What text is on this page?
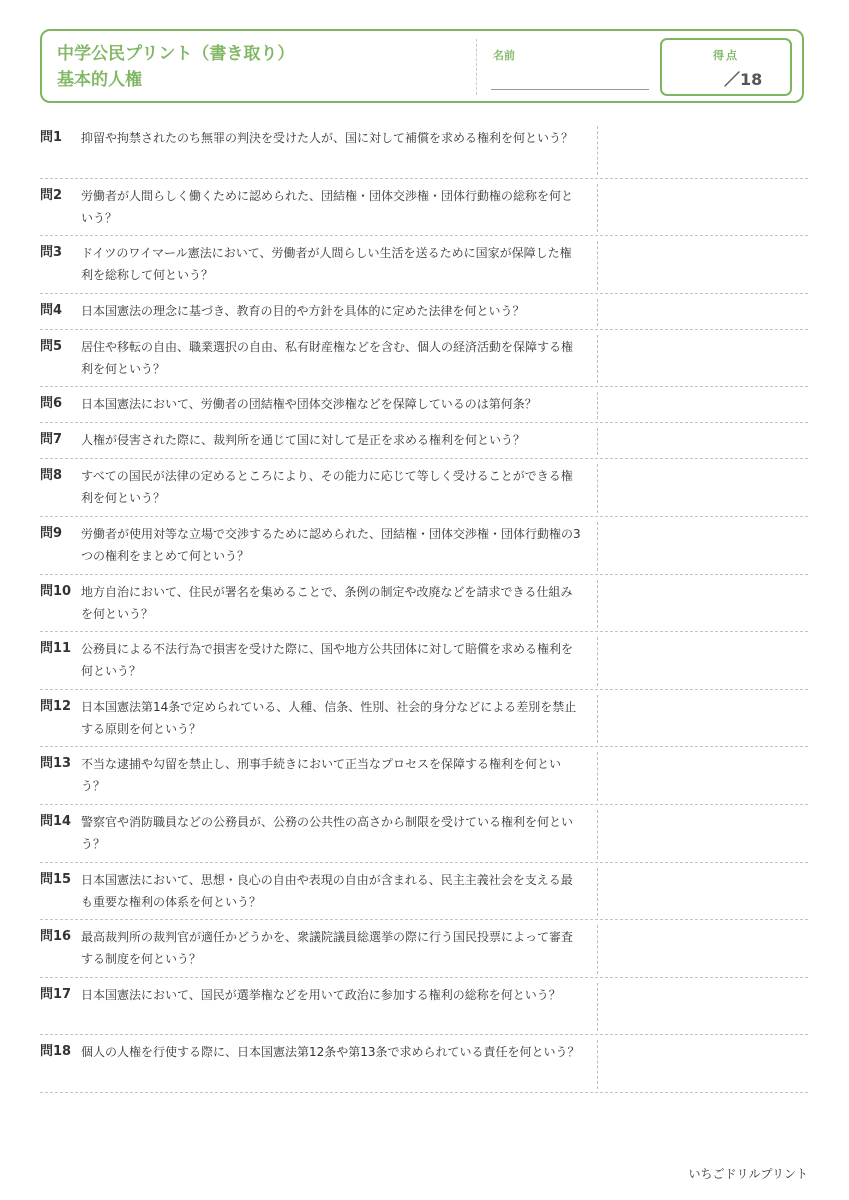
中学公民プリント（書き取り）
基本的人権
名前	得点
／18
問1 抑留や拘禁されたのち無罪の判決を受けた人が、国に対して補償を求める権利を何という？
問2 労働者が人間らしく働くために認められた、団結権・団体交渉権・団体行動権の総称を何という？
問3 ドイツのワイマール憲法において、労働者が人間らしい生活を送るために国家が保障した権利を総称して何という？
問4 日本国憲法の理念に基づき、教育の目的や方針を具体的に定めた法律を何という？
問5 居住や移転の自由、職業選択の自由、私有財産権などを含む、個人の経済活動を保障する権利を何という？
問6 日本国憲法において、労働者の団結権や団体交渉権などを保障しているのは第何条？
問7 人権が侵害された際に、裁判所を通じて国に対して是正を求める権利を何という？
問8 すべての国民が法律の定めるところにより、その能力に応じて等しく受けることができる権利を何という？
問9 労働者が使用対等な立場で交渉するために認められた、団結権・団体交渉権・団体行動権の3つの権利をまとめて何という？
問10 地方自治において、住民が署名を集めることで、条例の制定や改廃などを請求できる仕組みを何という？
問11 公務員による不法行為で損害を受けた際に、国や地方公共団体に対して賠償を求める権利を何という？
問12 日本国憲法第14条で定められている、人種、信条、性別、社会的身分などによる差別を禁止する原則を何という？
問13 不当な逮捕や勾留を禁止し、刑事手続きにおいて正当なプロセスを保障する権利を何という？
問14 警察官や消防職員などの公務員が、公務の公共性の高さから制限を受けている権利を何という？
問15 日本国憲法において、思想・良心の自由や表現の自由が含まれる、民主主義社会を支える最も重要な権利の体系を何という？
問16 最高裁判所の裁判官が適任かどうかを、衆議院議員総選挙の際に行う国民投票によって審査する制度を何という？
問17 日本国憲法において、国民が選挙権などを用いて政治に参加する権利の総称を何という？
問18 個人の人権を行使する際に、日本国憲法第12条や第13条で求められている責任を何という？
いちごドリルプリント
